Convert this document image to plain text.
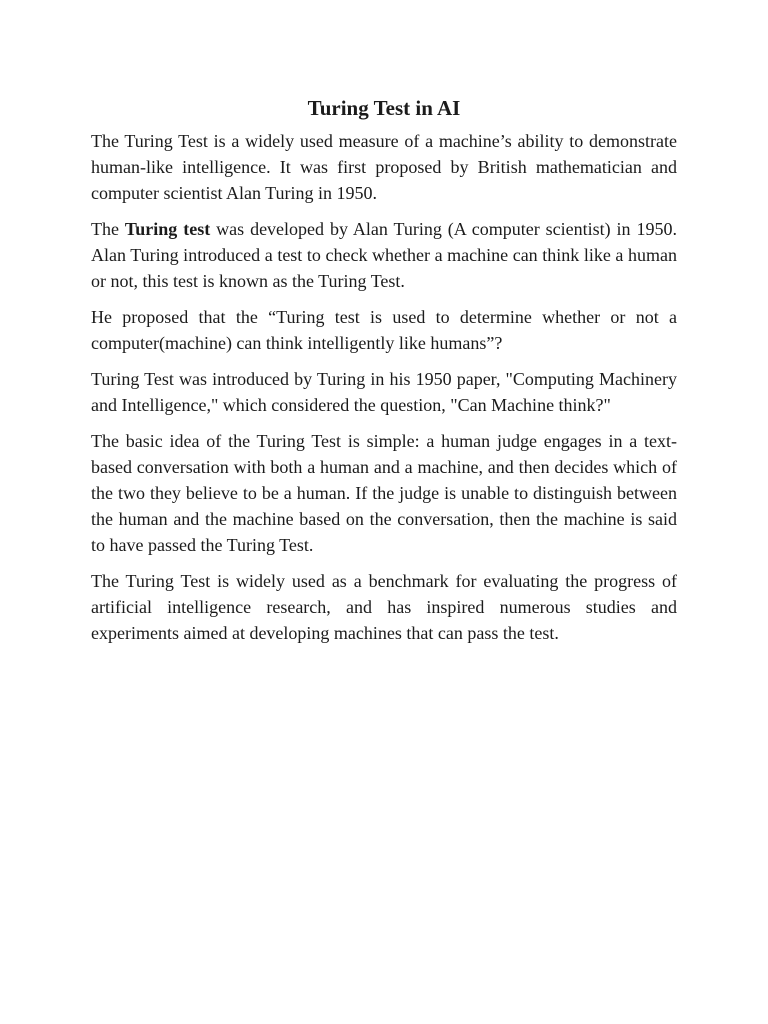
Turing Test in AI

The Turing Test is a widely used measure of a machine’s ability to demonstrate human-like intelligence. It was first proposed by British mathematician and computer scientist Alan Turing in 1950.

The Turing test was developed by Alan Turing (A computer scientist) in 1950. Alan Turing introduced a test to check whether a machine can think like a human or not, this test is known as the Turing Test.

He proposed that the “Turing test is used to determine whether or not a computer(machine) can think intelligently like humans”?

Turing Test was introduced by Turing in his 1950 paper, "Computing Machinery and Intelligence," which considered the question, "Can Machine think?"

The basic idea of the Turing Test is simple: a human judge engages in a text-based conversation with both a human and a machine, and then decides which of the two they believe to be a human. If the judge is unable to distinguish between the human and the machine based on the conversation, then the machine is said to have passed the Turing Test.

The Turing Test is widely used as a benchmark for evaluating the progress of artificial intelligence research, and has inspired numerous studies and experiments aimed at developing machines that can pass the test.
